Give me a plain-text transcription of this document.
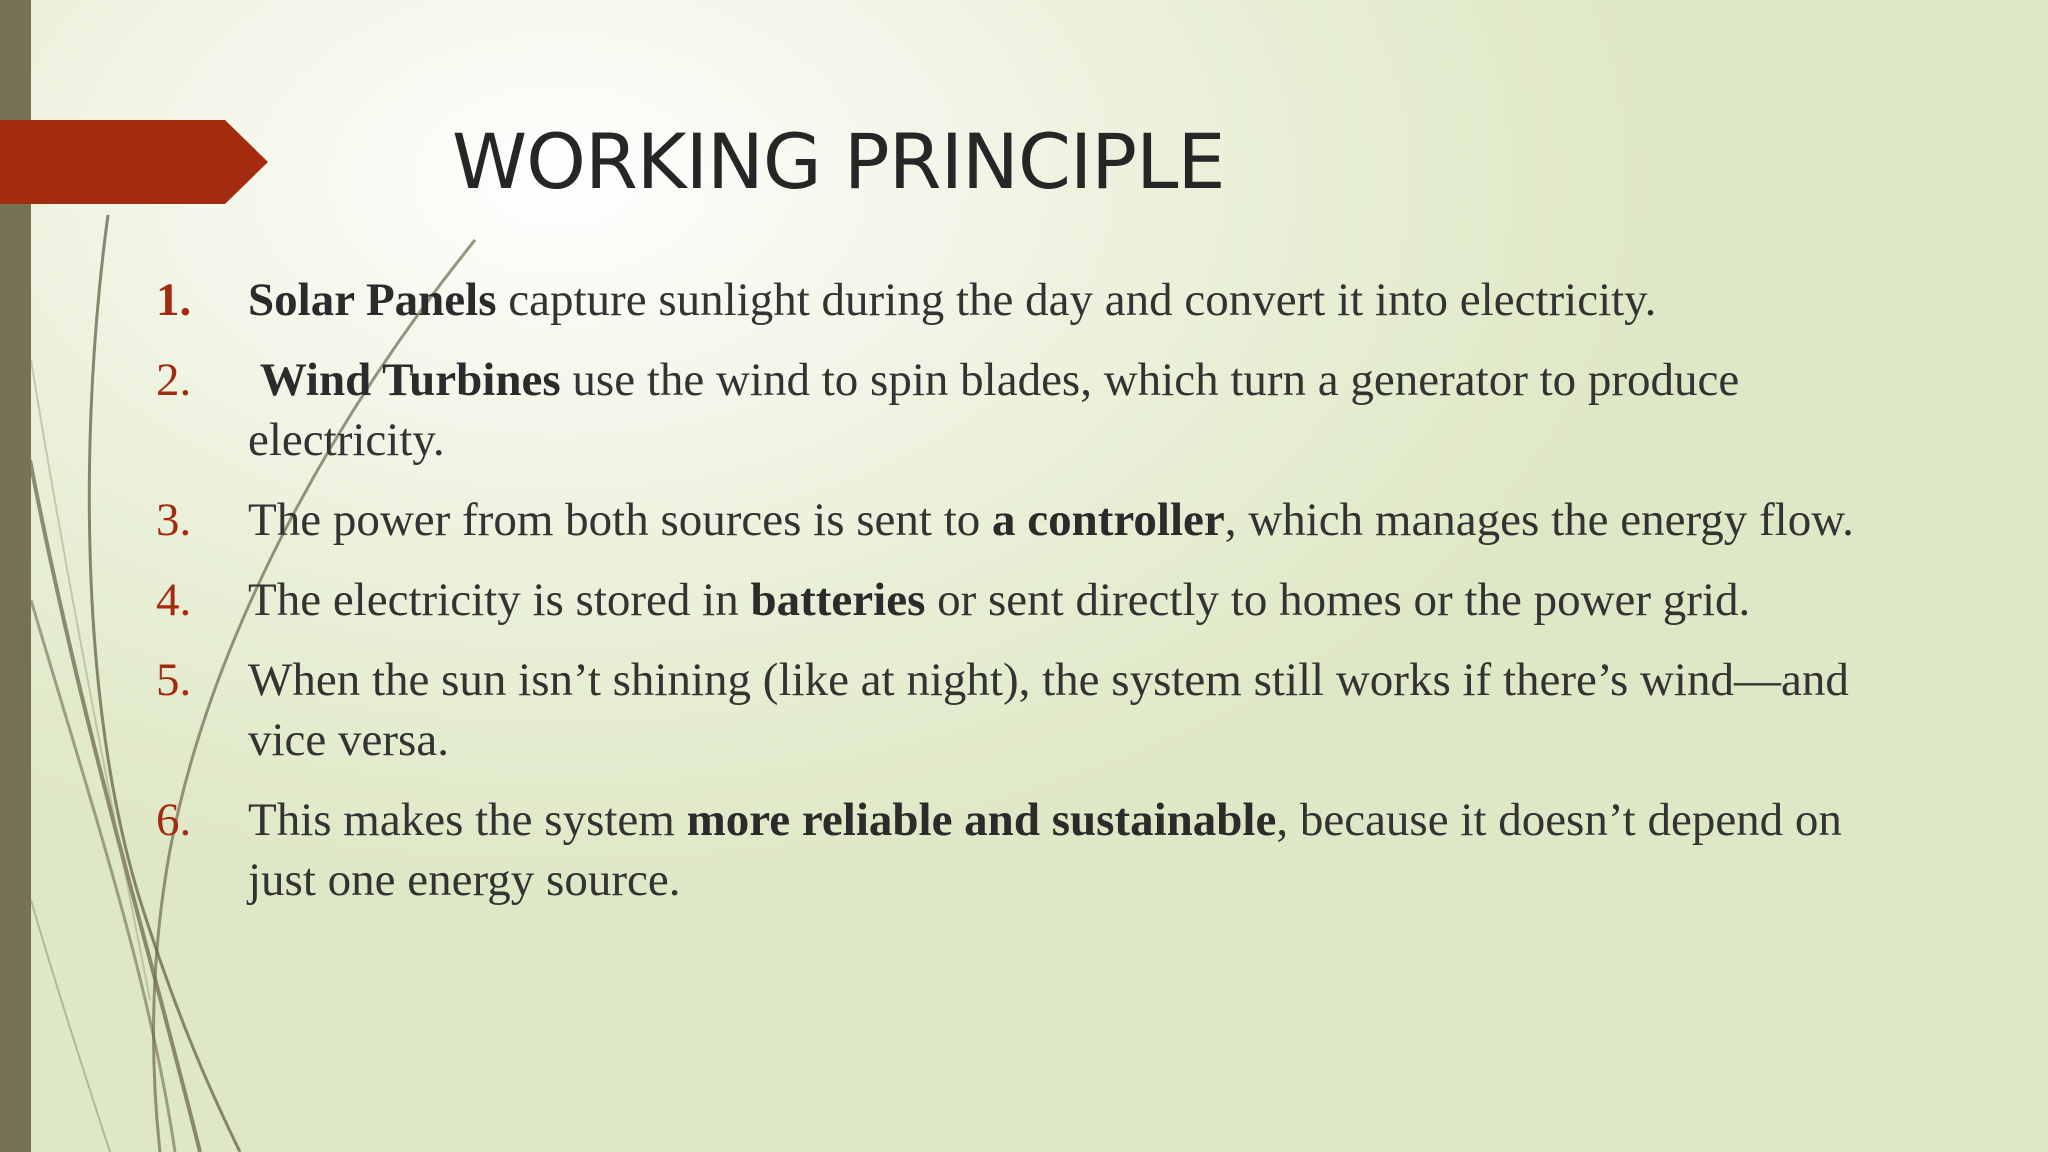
WORKING PRINCIPLE
1.	Solar Panels capture sunlight during the day and convert it into electricity.
2.	Wind Turbines use the wind to spin blades, which turn a generator to produce electricity.
3.	The power from both sources is sent to a controller, which manages the energy flow.
4.	The electricity is stored in batteries or sent directly to homes or the power grid.
5.	When the sun isn’t shining (like at night), the system still works if there’s wind—and vice versa.
6.	This makes the system more reliable and sustainable, because it doesn’t depend on just one energy source.
